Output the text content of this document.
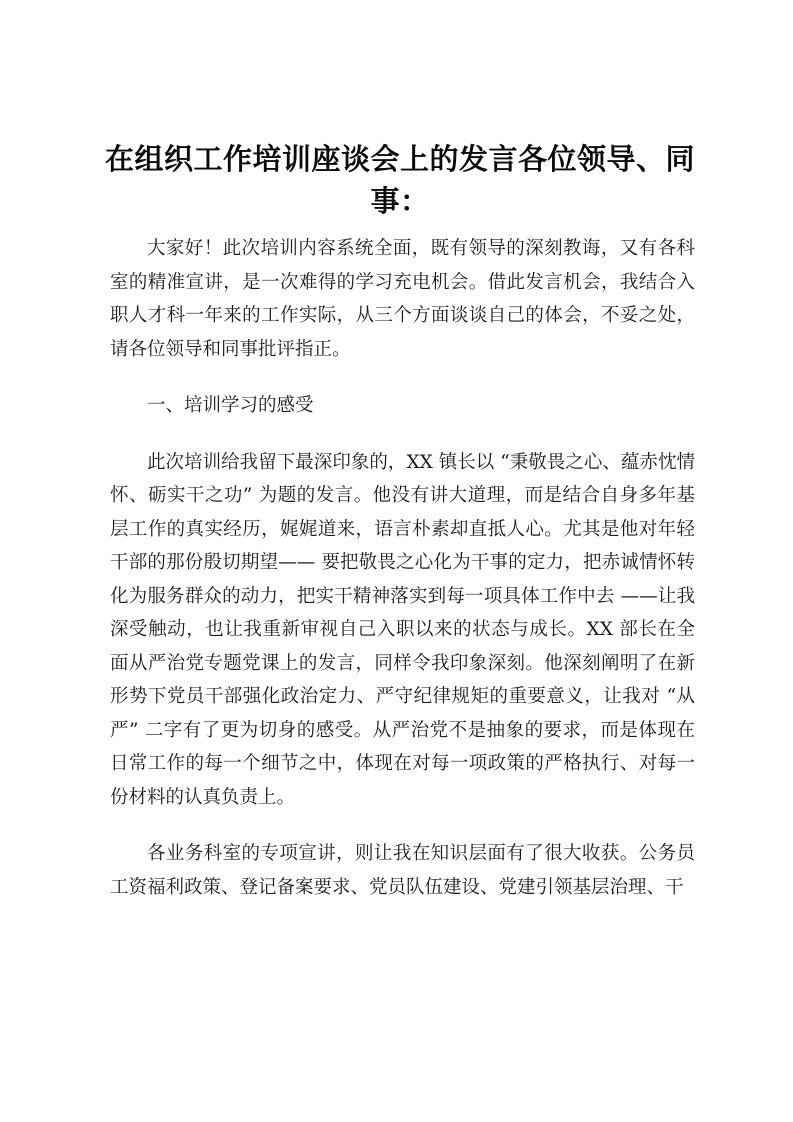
在组织工作培训座谈会上的发言各位领导、同事：

大家好！此次培训内容系统全面，既有领导的深刻教诲，又有各科室的精准宣讲，是一次难得的学习充电机会。借此发言机会，我结合入职人才科一年来的工作实际，从三个方面谈谈自己的体会，不妥之处，请各位领导和同事批评指正。

一、培训学习的感受

此次培训给我留下最深印象的，XX 镇长以 “秉敬畏之心、蕴赤忱情怀、砺实干之功” 为题的发言。他没有讲大道理，而是结合自身多年基层工作的真实经历，娓娓道来，语言朴素却直抵人心。尤其是他对年轻干部的那份殷切期望—— 要把敬畏之心化为干事的定力，把赤诚情怀转化为服务群众的动力，把实干精神落实到每一项具体工作中去 ——让我深受触动，也让我重新审视自己入职以来的状态与成长。XX 部长在全面从严治党专题党课上的发言，同样令我印象深刻。他深刻阐明了在新形势下党员干部强化政治定力、严守纪律规矩的重要意义，让我对 “从严” 二字有了更为切身的感受。从严治党不是抽象的要求，而是体现在日常工作的每一个细节之中，体现在对每一项政策的严格执行、对每一份材料的认真负责上。

各业务科室的专项宣讲，则让我在知识层面有了很大收获。公务员工资福利政策、登记备案要求、党员队伍建设、党建引领基层治理、干
